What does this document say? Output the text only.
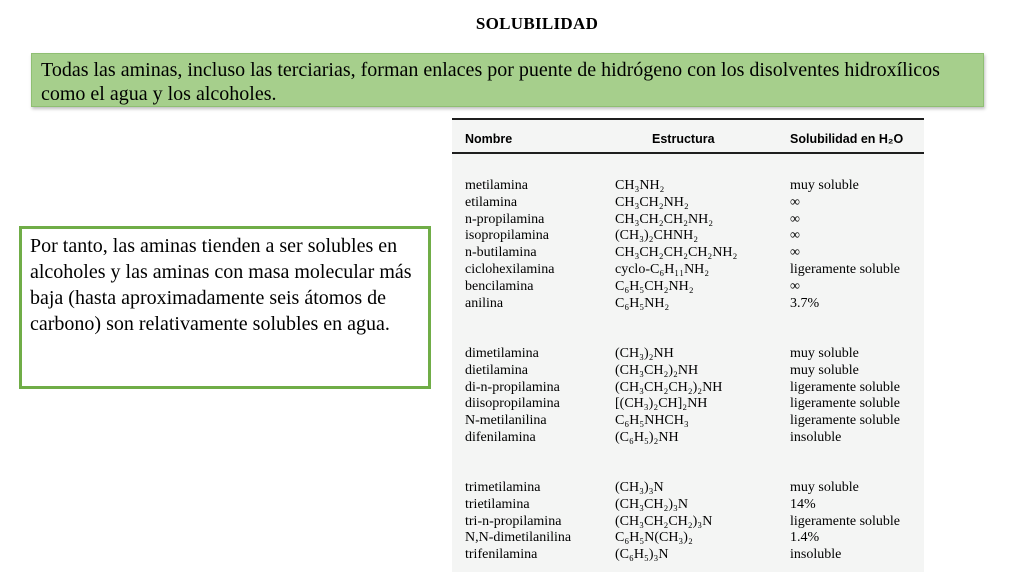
SOLUBILIDAD
Todas las aminas, incluso las terciarias, forman enlaces por puente de hidrógeno con los disolventes hidroxílicos como el agua y los alcoholes.
Por tanto, las aminas tienden a ser solubles en alcoholes y las aminas con masa molecular más baja (hasta aproximadamente seis átomos de carbono) son relativamente solubles en agua.
Nombre	Estructura	Solubilidad en H₂O
metilamina	CH₃NH₂	muy soluble
etilamina	CH₃CH₂NH₂	∞
n-propilamina	CH₃CH₂CH₂NH₂	∞
isopropilamina	(CH₃)₂CHNH₂	∞
n-butilamina	CH₃CH₂CH₂CH₂NH₂	∞
ciclohexilamina	cyclo-C₆H₁₁NH₂	ligeramente soluble
bencilamina	C₆H₅CH₂NH₂	∞
anilina	C₆H₅NH₂	3.7%
dimetilamina	(CH₃)₂NH	muy soluble
dietilamina	(CH₃CH₂)₂NH	muy soluble
di-n-propilamina	(CH₃CH₂CH₂)₂NH	ligeramente soluble
diisopropilamina	[(CH₃)₂CH]₂NH	ligeramente soluble
N-metilanilina	C₆H₅NHCH₃	ligeramente soluble
difenilamina	(C₆H₅)₂NH	insoluble
trimetilamina	(CH₃)₃N	muy soluble
trietilamina	(CH₃CH₂)₃N	14%
tri-n-propilamina	(CH₃CH₂CH₂)₃N	ligeramente soluble
N,N-dimetilanilina	C₆H₅N(CH₃)₂	1.4%
trifenilamina	(C₆H₅)₃N	insoluble
